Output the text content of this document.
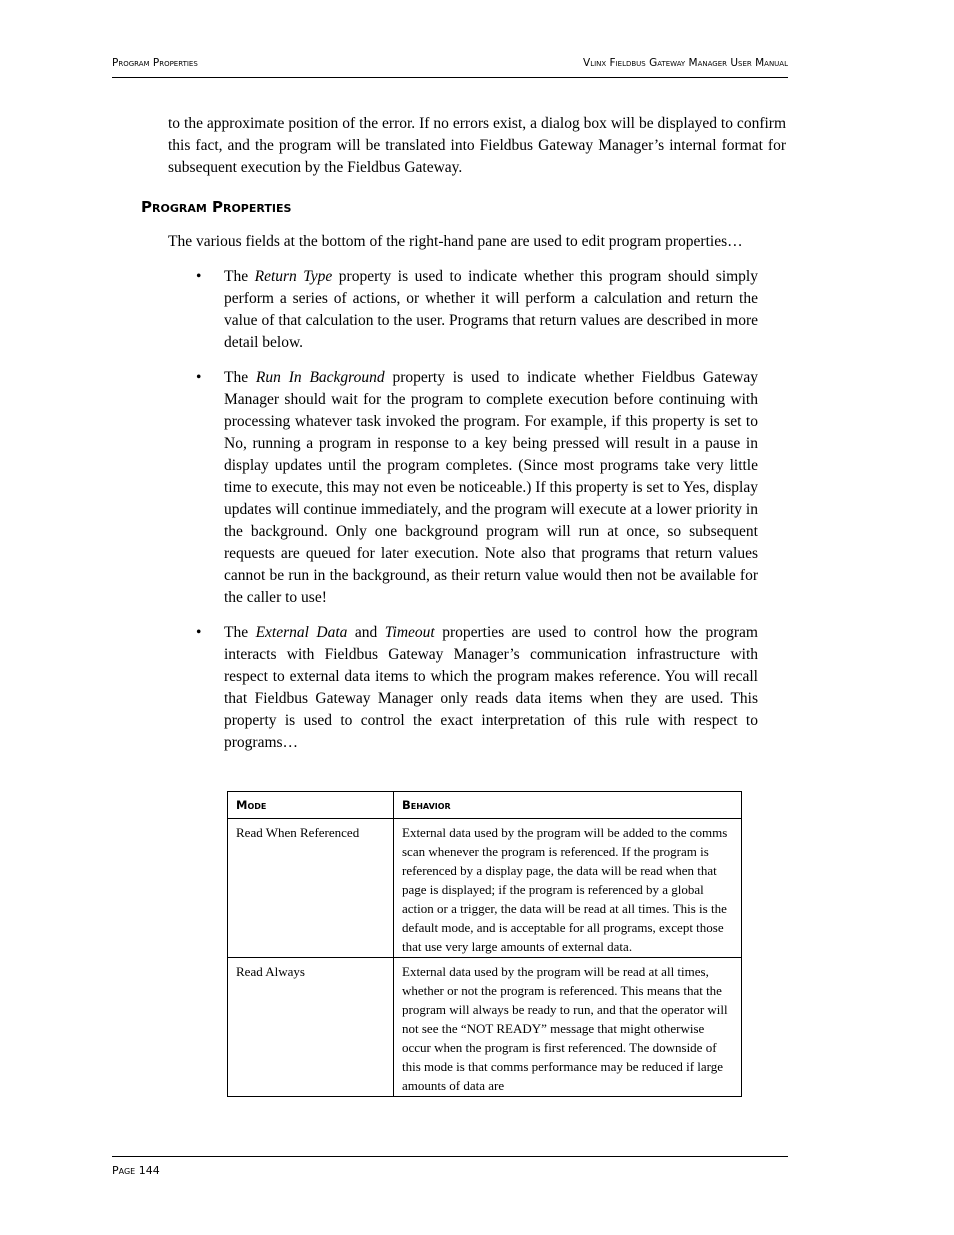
Program Properties	Vlinx Fieldbus Gateway Manager User Manual

to the approximate position of the error. If no errors exist, a dialog box will be displayed to confirm this fact, and the program will be translated into Fieldbus Gateway Manager’s internal format for subsequent execution by the Fieldbus Gateway.

Program Properties

The various fields at the bottom of the right-hand pane are used to edit program properties…

• The Return Type property is used to indicate whether this program should simply perform a series of actions, or whether it will perform a calculation and return the value of that calculation to the user. Programs that return values are described in more detail below.
• The Run In Background property is used to indicate whether Fieldbus Gateway Manager should wait for the program to complete execution before continuing with processing whatever task invoked the program. For example, if this property is set to No, running a program in response to a key being pressed will result in a pause in display updates until the program completes. (Since most programs take very little time to execute, this may not even be noticeable.) If this property is set to Yes, display updates will continue immediately, and the program will execute at a lower priority in the background. Only one background program will run at once, so subsequent requests are queued for later execution. Note also that programs that return values cannot be run in the background, as their return value would then not be available for the caller to use!
• The External Data and Timeout properties are used to control how the program interacts with Fieldbus Gateway Manager’s communication infrastructure with respect to external data items to which the program makes reference. You will recall that Fieldbus Gateway Manager only reads data items when they are used. This property is used to control the exact interpretation of this rule with respect to programs…
Mode	Behavior
Read When Referenced	External data used by the program will be added to the comms scan whenever the program is referenced. If the program is referenced by a display page, the data will be read when that page is displayed; if the program is referenced by a global action or a trigger, the data will be read at all times. This is the default mode, and is acceptable for all programs, except those that use very large amounts of external data.
Read Always	External data used by the program will be read at all times, whether or not the program is referenced. This means that the program will always be ready to run, and that the operator will not see the “NOT READY” message that might otherwise occur when the program is first referenced. The downside of this mode is that comms performance may be reduced if large amounts of data are
Page 144
